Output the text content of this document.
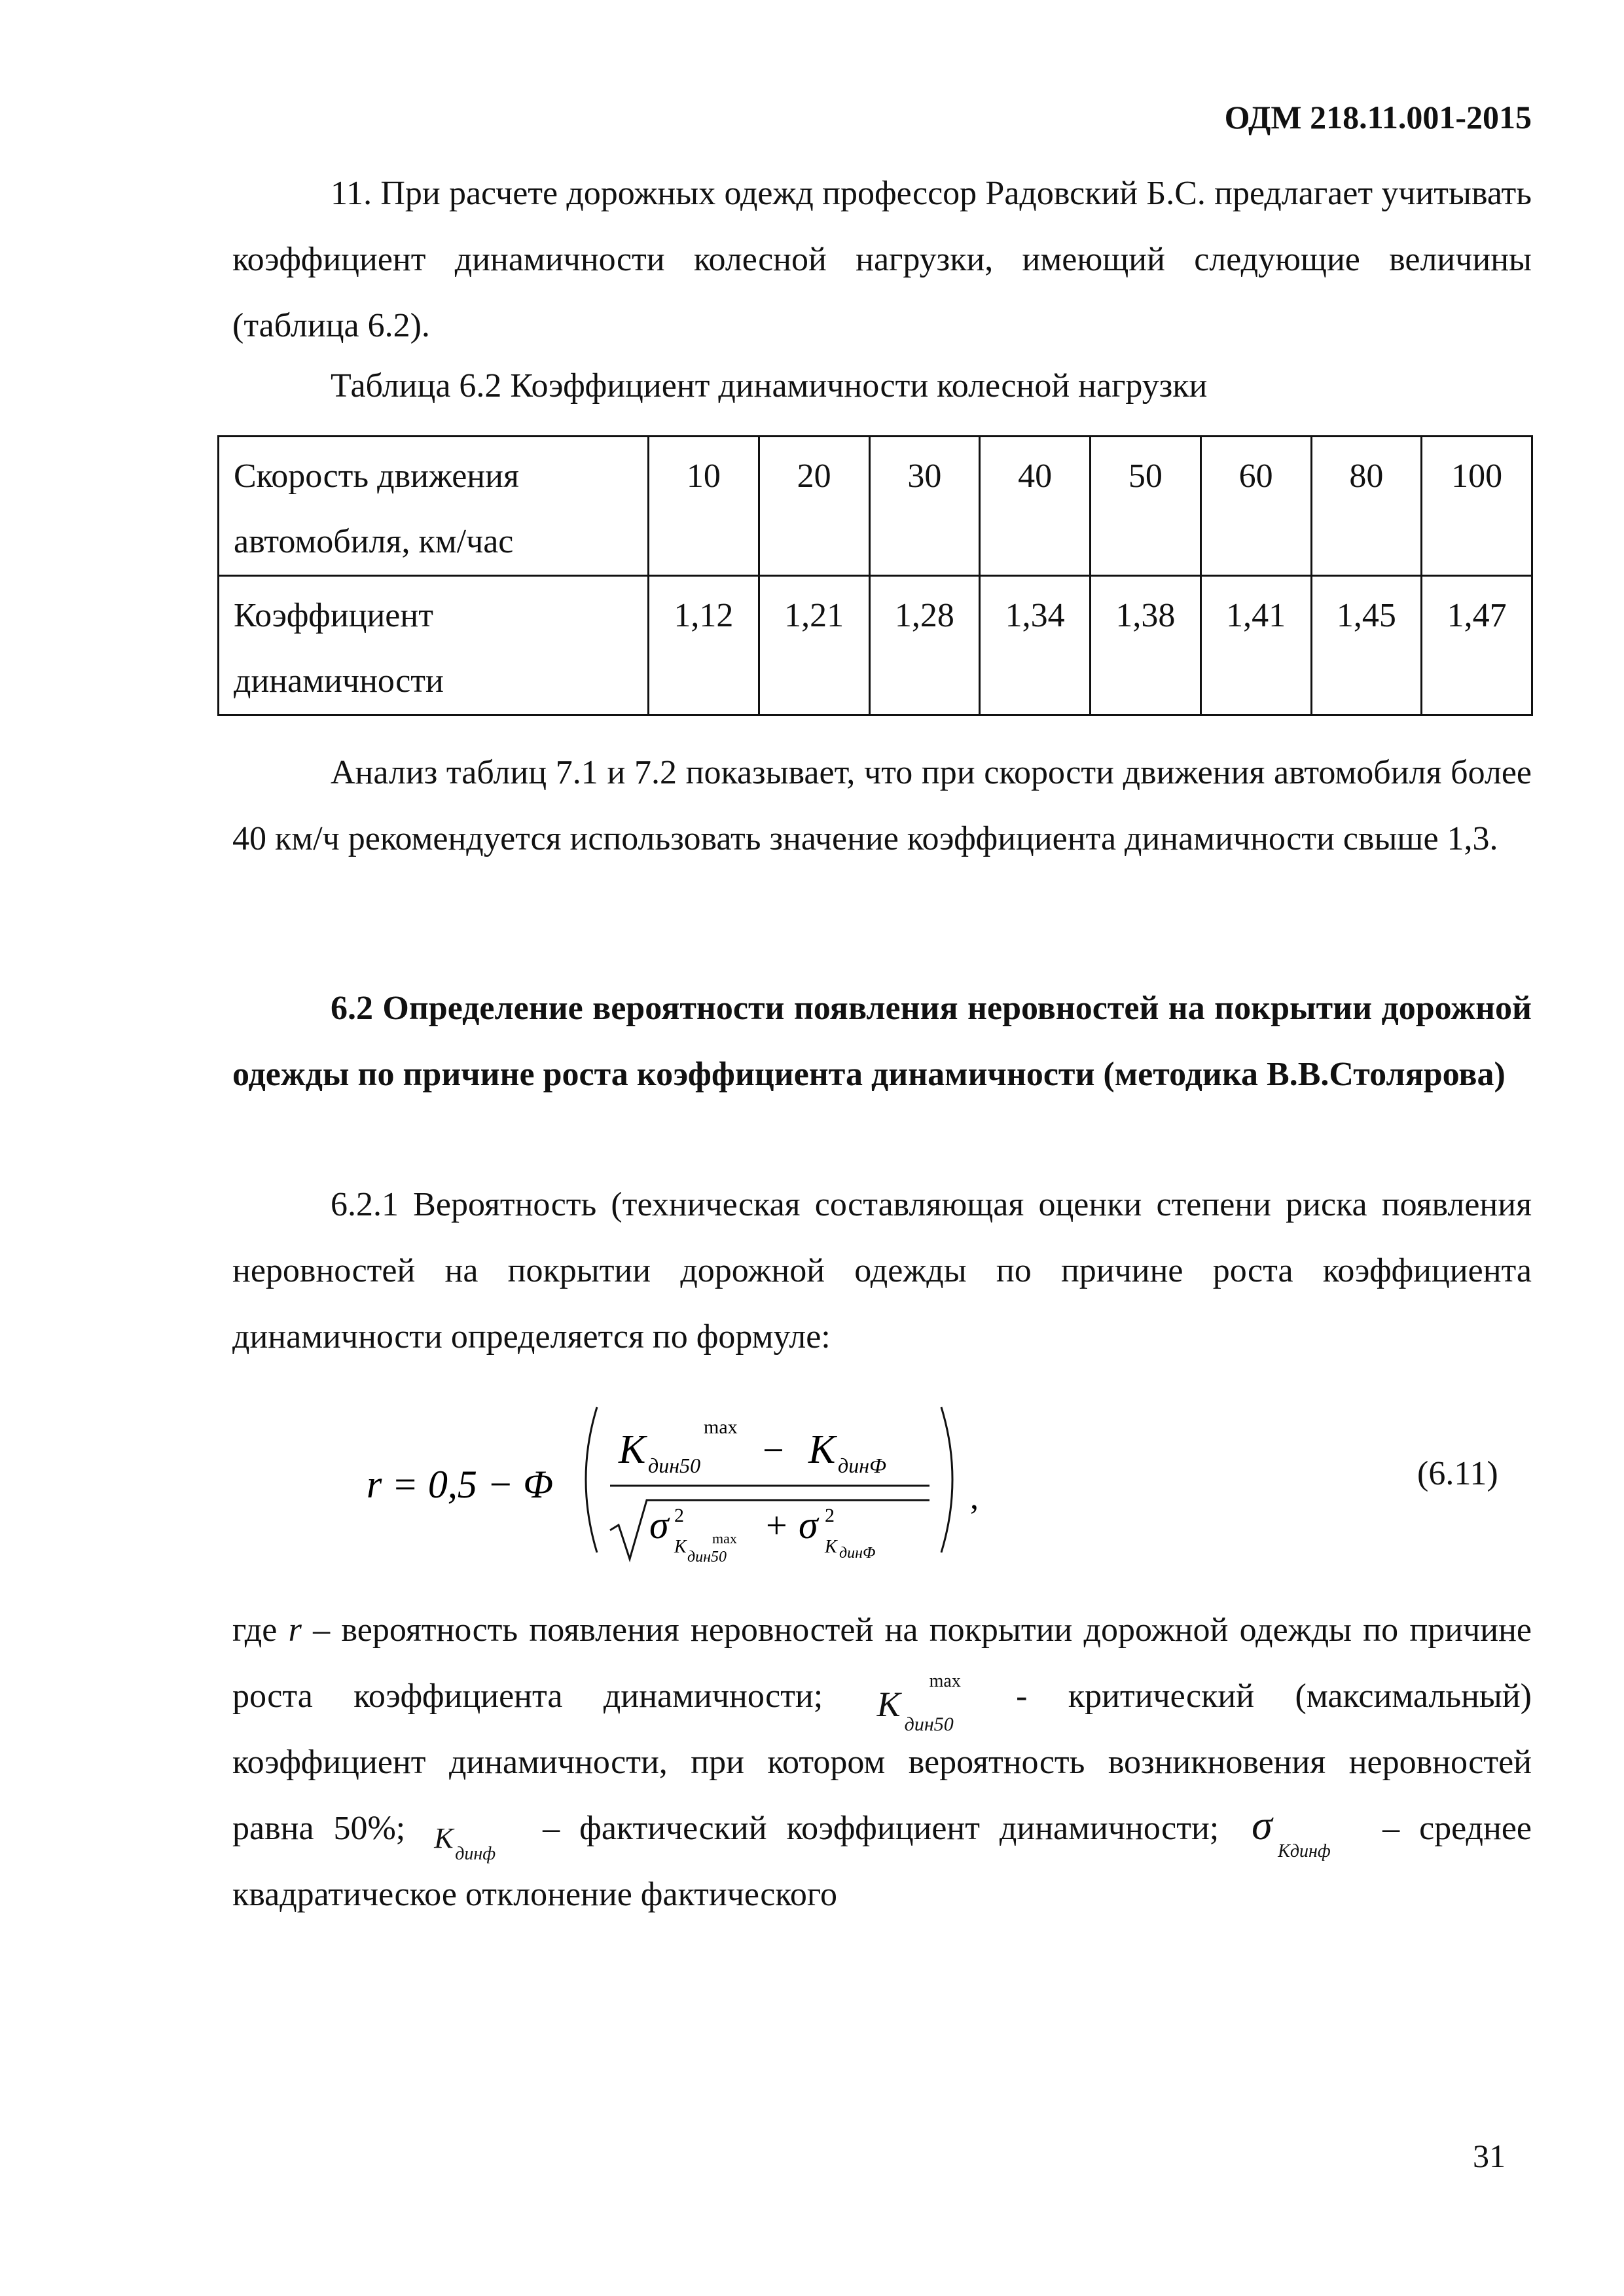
ОДМ 218.11.001-2015

11. При расчете дорожных одежд профессор Радовский Б.С. предлагает учитывать коэффициент динамичности колесной нагрузки, имеющий следующие величины (таблица 6.2).

Таблица 6.2 Коэффициент динамичности колесной нагрузки
Скорость движения автомобиля, км/час	10	20	30	40	50	60	80	100
Коэффициент динамичности	1,12	1,21	1,28	1,34	1,38	1,41	1,45	1,47

Анализ таблиц 7.1 и 7.2 показывает, что при скорости движения автомобиля более 40 км/ч рекомендуется использовать значение коэффициента динамичности свыше 1,3.

6.2 Определение вероятности появления неровностей на покрытии дорожной одежды по причине роста коэффициента динамичности (методика В.В.Столярова)

6.2.1 Вероятность (техническая составляющая оценки степени риска появления неровностей на покрытии дорожной одежды по причине роста коэффициента динамичности определяется по формуле:

r = 0,5 − Φ
K
max
дин50 − K динФ
σ 2
K max
дин50
+ σ 2
K динФ
,
(6.11)
где r – вероятность появления неровностей на покрытии дорожной одежды по причине роста коэффициента динамичности; K
max
дин50
- критический (максимальный) коэффициент динамичности, при котором вероятность возникновения неровностей равна 50%; K динф
– фактический коэффициент динамичности; σ
Kдинф
– среднее квадратическое отклонение фактического
31
